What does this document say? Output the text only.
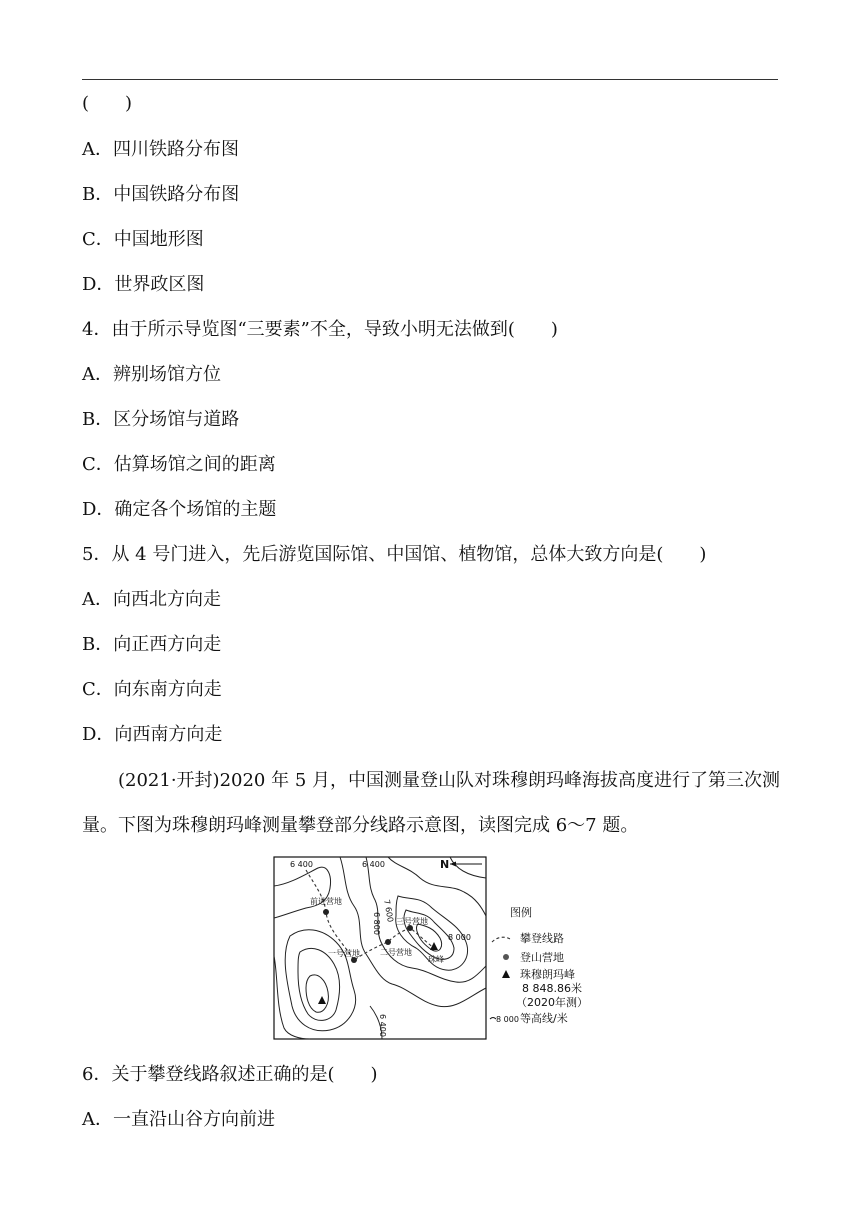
(　　)
A．四川铁路分布图
B．中国铁路分布图
C．中国地形图
D．世界政区图
4．由于所示导览图“三要素”不全，导致小明无法做到(　　)
A．辨别场馆方位
B．区分场馆与道路
C．估算场馆之间的距离
D．确定各个场馆的主题
5．从 4 号门进入，先后游览国际馆、中国馆、植物馆，总体大致方向是(　　)
A．向西北方向走
B．向正西方向走
C．向东南方向走
D．向西南方向走

(2021·开封)2020 年 5 月，中国测量登山队对珠穆朗玛峰海拔高度进行了第三次测量。下图为珠穆朗玛峰测量攀登部分线路示意图，读图完成 6～7 题。

N
6 400	6 400
6 800
7 600
8 000
6 400
前进营地
一号营地	二号营地
三号营地
珠峰
图例
攀登线路
登山营地
珠穆朗玛峰
8 848.86米
（2020年测）
8 000 等高线/米
6．关于攀登线路叙述正确的是(　　)
A．一直沿山谷方向前进
